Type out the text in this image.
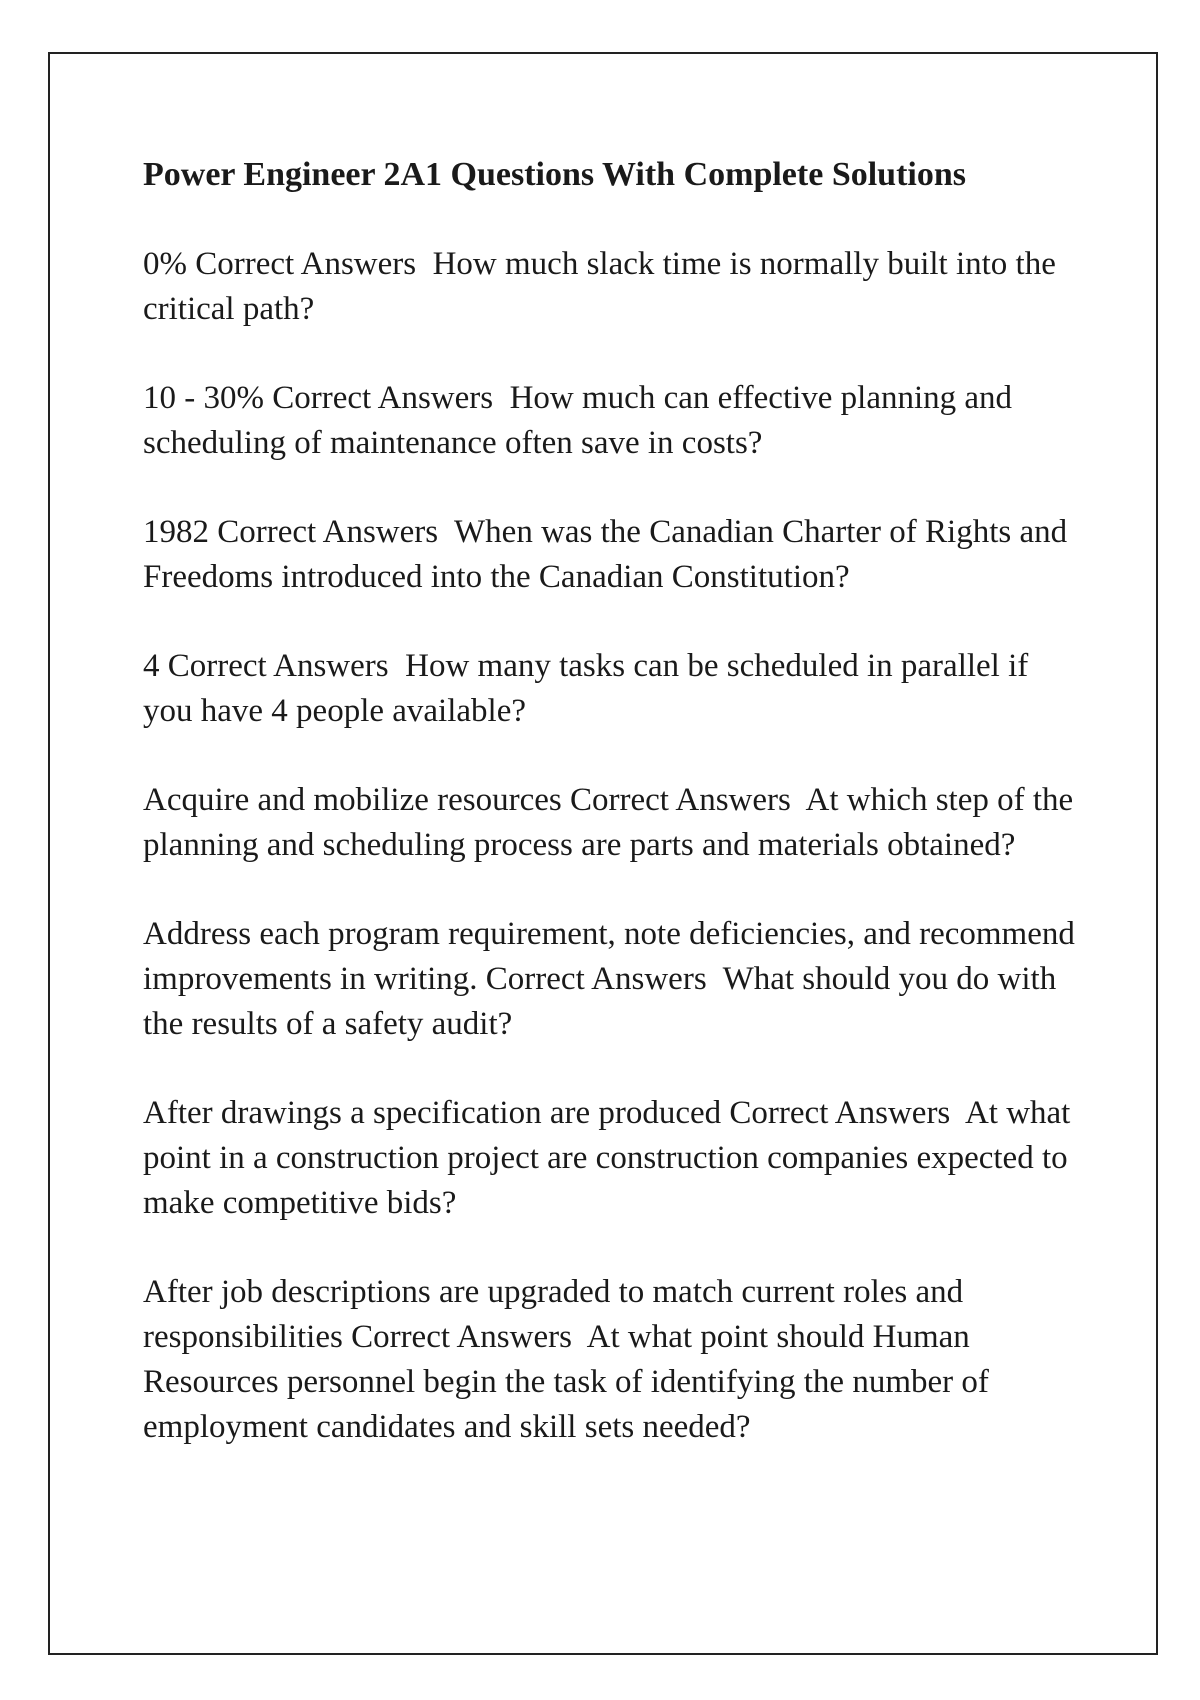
Power Engineer 2A1 Questions With Complete Solutions
0% Correct Answers  How much slack time is normally built into the critical path?
10 - 30% Correct Answers  How much can effective planning and scheduling of maintenance often save in costs?
1982 Correct Answers  When was the Canadian Charter of Rights and Freedoms introduced into the Canadian Constitution?
4 Correct Answers  How many tasks can be scheduled in parallel if you have 4 people available?
Acquire and mobilize resources Correct Answers  At which step of the planning and scheduling process are parts and materials obtained?
Address each program requirement, note deficiencies, and recommend improvements in writing. Correct Answers  What should you do with the results of a safety audit?
After drawings a specification are produced Correct Answers  At what point in a construction project are construction companies expected to make competitive bids?
After job descriptions are upgraded to match current roles and responsibilities Correct Answers  At what point should Human Resources personnel begin the task of identifying the number of employment candidates and skill sets needed?
